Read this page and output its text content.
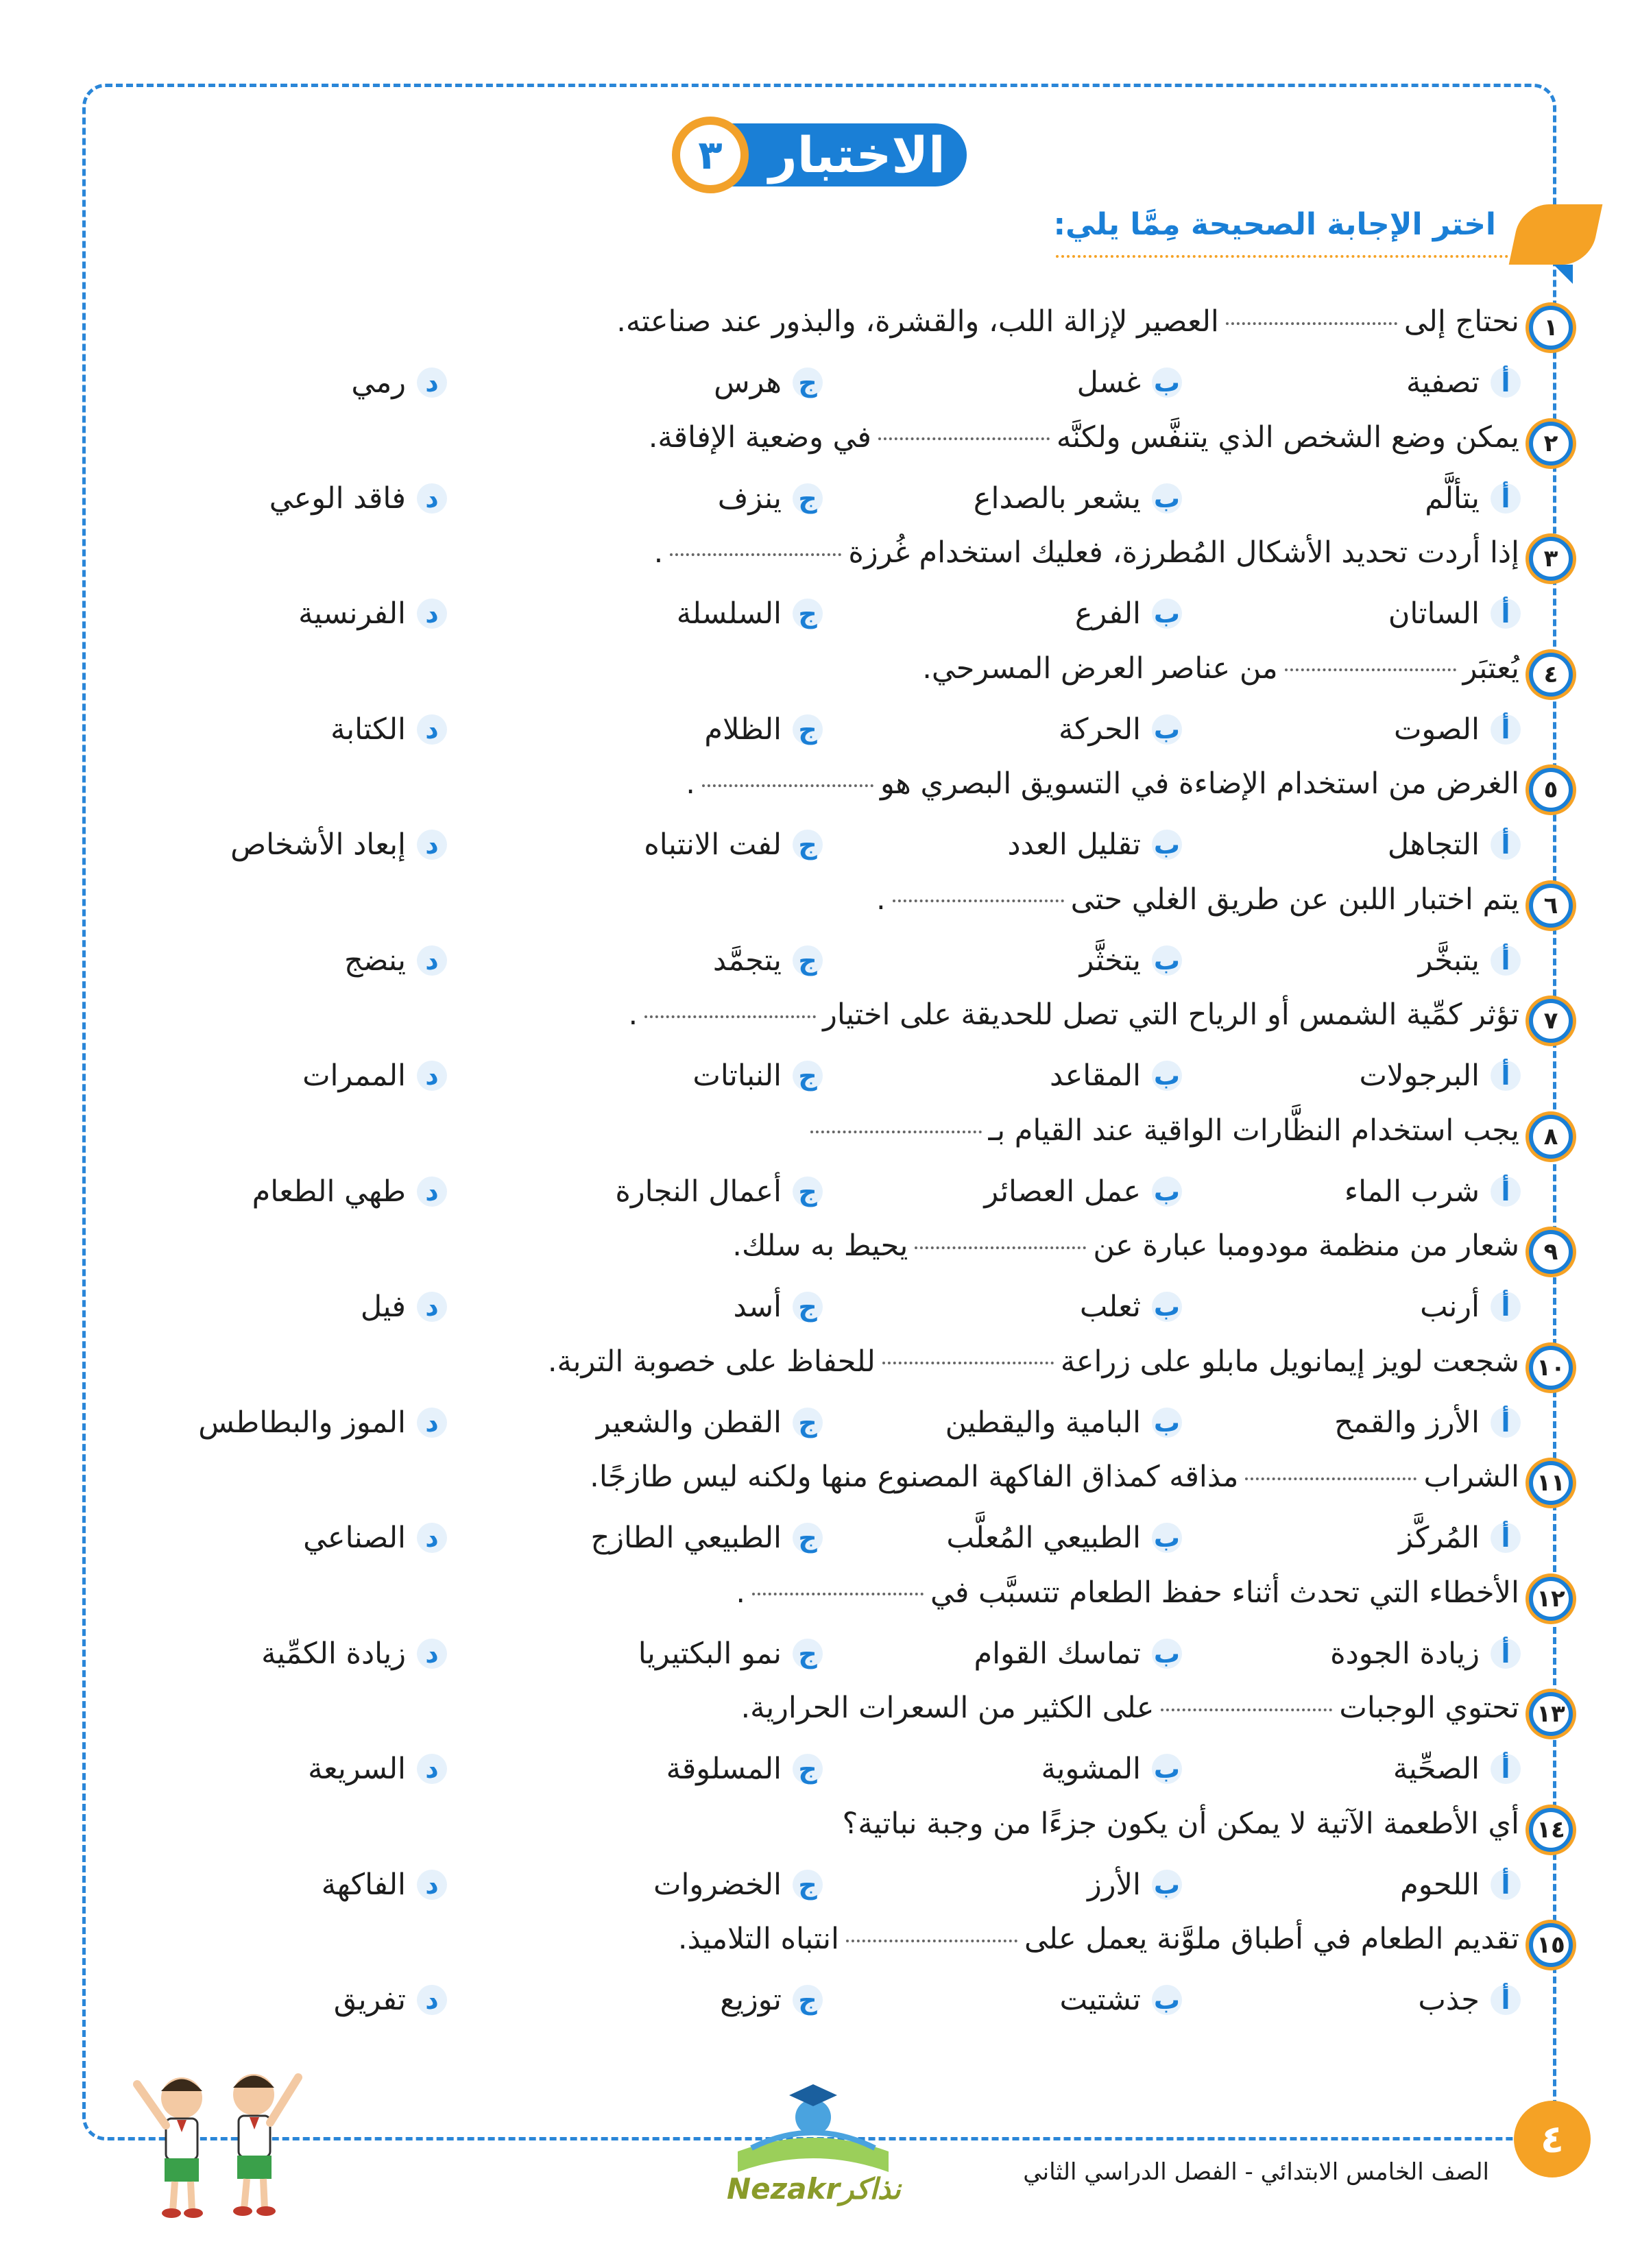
الاختبار
٣
اختر الإجابة الصحيحة مِمَّا يلي:
١
نحتاج إلىالعصير لإزالة اللب، والقشرة، والبذور عند صناعته.
أ
تصفية
ب
غسل
ج
هرس
د
رمي
٢
يمكن وضع الشخص الذي يتنفَّس ولكنَّهفي وضعية الإفاقة.
أ
يتألَّم
ب
يشعر بالصداع
ج
ينزف
د
فاقد الوعي
٣
إذا أردت تحديد الأشكال المُطرزة، فعليك استخدام غُرزة.
أ
الساتان
ب
الفرع
ج
السلسلة
د
الفرنسية
٤
يُعتبَرمن عناصر العرض المسرحي.
أ
الصوت
ب
الحركة
ج
الظلام
د
الكتابة
٥
الغرض من استخدام الإضاءة في التسويق البصري هو.
أ
التجاهل
ب
تقليل العدد
ج
لفت الانتباه
د
إبعاد الأشخاص
٦
يتم اختبار اللبن عن طريق الغلي حتى.
أ
يتبخَّر
ب
يتخثَّر
ج
يتجمَّد
د
ينضج
٧
تؤثر كمِّية الشمس أو الرياح التي تصل للحديقة على اختيار.
أ
البرجولات
ب
المقاعد
ج
النباتات
د
الممرات
٨
يجب استخدام النظَّارات الواقية عند القيام بـ
أ
شرب الماء
ب
عمل العصائر
ج
أعمال النجارة
د
طهي الطعام
٩
شعار من منظمة مودومبا عبارة عنيحيط به سلك.
أ
أرنب
ب
ثعلب
ج
أسد
د
فيل
١٠
شجعت لويز إيمانويل مابلو على زراعةللحفاظ على خصوبة التربة.
أ
الأرز والقمح
ب
البامية واليقطين
ج
القطن والشعير
د
الموز والبطاطس
١١
الشرابمذاقه كمذاق الفاكهة المصنوع منها ولكنه ليس طازجًا.
أ
المُركَّز
ب
الطبيعي المُعلَّب
ج
الطبيعي الطازج
د
الصناعي
١٢
الأخطاء التي تحدث أثناء حفظ الطعام تتسبَّب في.
أ
زيادة الجودة
ب
تماسك القوام
ج
نمو البكتيريا
د
زيادة الكمِّية
١٣
تحتوي الوجباتعلى الكثير من السعرات الحرارية.
أ
الصحِّية
ب
المشوية
ج
المسلوقة
د
السريعة
١٤
أي الأطعمة الآتية لا يمكن أن يكون جزءًا من وجبة نباتية؟
أ
اللحوم
ب
الأرز
ج
الخضروات
د
الفاكهة
١٥
تقديم الطعام في أطباق ملوَّنة يعمل علىانتباه التلاميذ.
أ
جذب
ب
تشتيت
ج
توزيع
د
تفريق
٤
الصف الخامس الابتدائي - الفصل الدراسي الثاني
Nezakrنذاكر
